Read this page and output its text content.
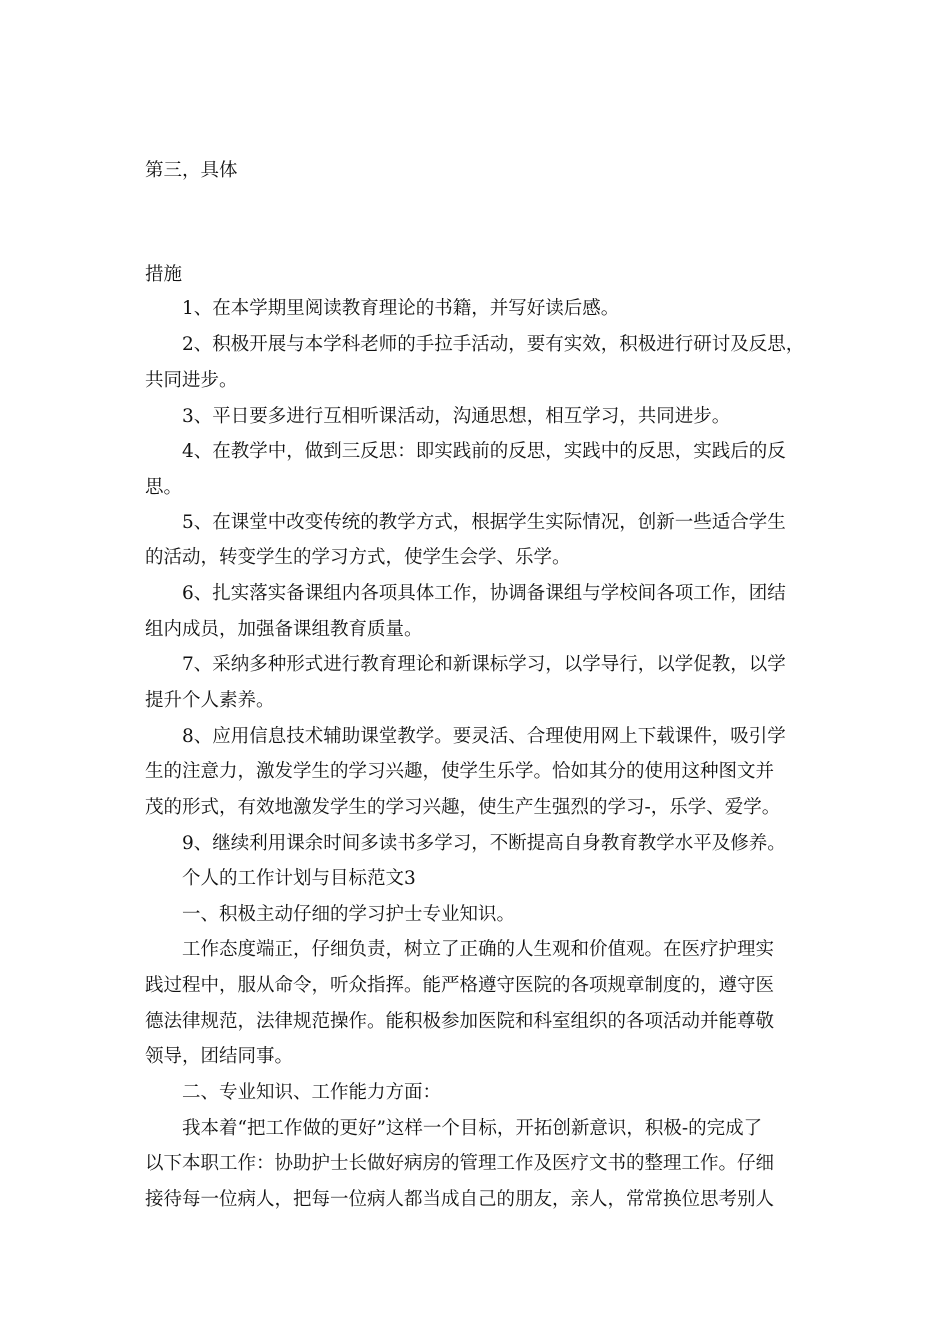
第三，具体
措施
1、在本学期里阅读教育理论的书籍，并写好读后感。
2、积极开展与本学科老师的手拉手活动，要有实效，积极进行研讨及反思，
共同进步。
3、平日要多进行互相听课活动，沟通思想，相互学习，共同进步。
4、在教学中，做到三反思：即实践前的反思，实践中的反思，实践后的反
思。
5、在课堂中改变传统的教学方式，根据学生实际情况，创新一些适合学生
的活动，转变学生的学习方式，使学生会学、乐学。
6、扎实落实备课组内各项具体工作，协调备课组与学校间各项工作，团结
组内成员，加强备课组教育质量。
7、采纳多种形式进行教育理论和新课标学习，以学导行，以学促教，以学
提升个人素养。
8、应用信息技术辅助课堂教学。要灵活、合理使用网上下载课件，吸引学
生的注意力，激发学生的学习兴趣，使学生乐学。恰如其分的使用这种图文并
茂的形式，有效地激发学生的学习兴趣，使生产生强烈的学习-，乐学、爱学。
9、继续利用课余时间多读书多学习，不断提高自身教育教学水平及修养。
个人的工作计划与目标范文3
一、积极主动仔细的学习护士专业知识。
工作态度端正，仔细负责，树立了正确的人生观和价值观。在医疗护理实
践过程中，服从命令，听众指挥。能严格遵守医院的各项规章制度的，遵守医
德法律规范，法律规范操作。能积极参加医院和科室组织的各项活动并能尊敬
领导，团结同事。
二、专业知识、工作能力方面：
我本着“把工作做的更好”这样一个目标，开拓创新意识，积极-的完成了
以下本职工作：协助护士长做好病房的管理工作及医疗文书的整理工作。仔细
接待每一位病人，把每一位病人都当成自己的朋友，亲人，常常换位思考别人
